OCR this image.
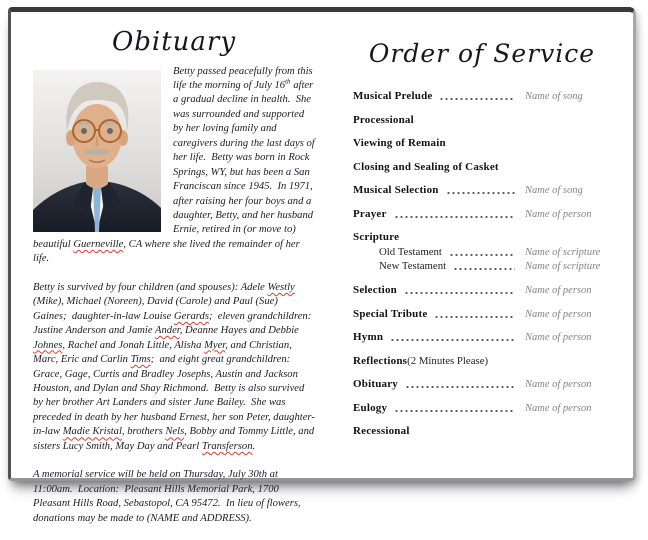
Obituary

Betty passed peacefully from this life the morning of July 16th after a gradual decline in health.  She was surrounded and supported by her loving family and caregivers during the last days of her life.  Betty was born in Rock Springs, WY, but has been a San Franciscan since 1945.  In 1971, after raising her four boys and a daughter, Betty, and her husband Ernie, retired in (or move to) beautiful Guerneville, CA where she lived the remainder of her life.

Betty is survived by four children (and spouses): Adele Westly (Mike), Michael (Noreen), David (Carole) and Paul (Sue) Gaines;  daughter-in-law Louise Gerards;  eleven grandchildren: Justine Anderson and Jamie Ander, Deanne Hayes and Debbie Johnes, Rachel and Jonah Little, Alisha Myer, and Christian, Marc, Eric and Carlin Tims;  and eight great grandchildren: Grace, Gage, Curtis and Bradley Josephs, Austin and Jackson Houston, and Dylan and Shay Richmond.  Betty is also survived by her brother Art Landers and sister June Bailey.  She was preceded in death by her husband Ernest, her son Peter, daughter-in-law Madie Kristal, brothers Nels, Bobby and Tommy Little, and sisters Lucy Smith, May Day and Pearl Transferson.

A memorial service will be held on Thursday, July 30th at 11:00am.  Location:  Pleasant Hills Memorial Park, 1700 Pleasant Hills Road, Sebastopol, CA 95472.  In lieu of flowers, donations may be made to (NAME and ADDRESS).

Order of Service
Musical Prelude	Name of song
Processional
Viewing of Remain
Closing and Sealing of Casket
Musical Selection	Name of song
Prayer	Name of person
Scripture
Old Testament	Name of scripture
New Testament	Name of scripture
Selection	Name of person
Special Tribute	Name of person
Hymn	Name of person
Reflections (2 Minutes Please)
Obituary	Name of person
Eulogy	Name of person
Recessional
